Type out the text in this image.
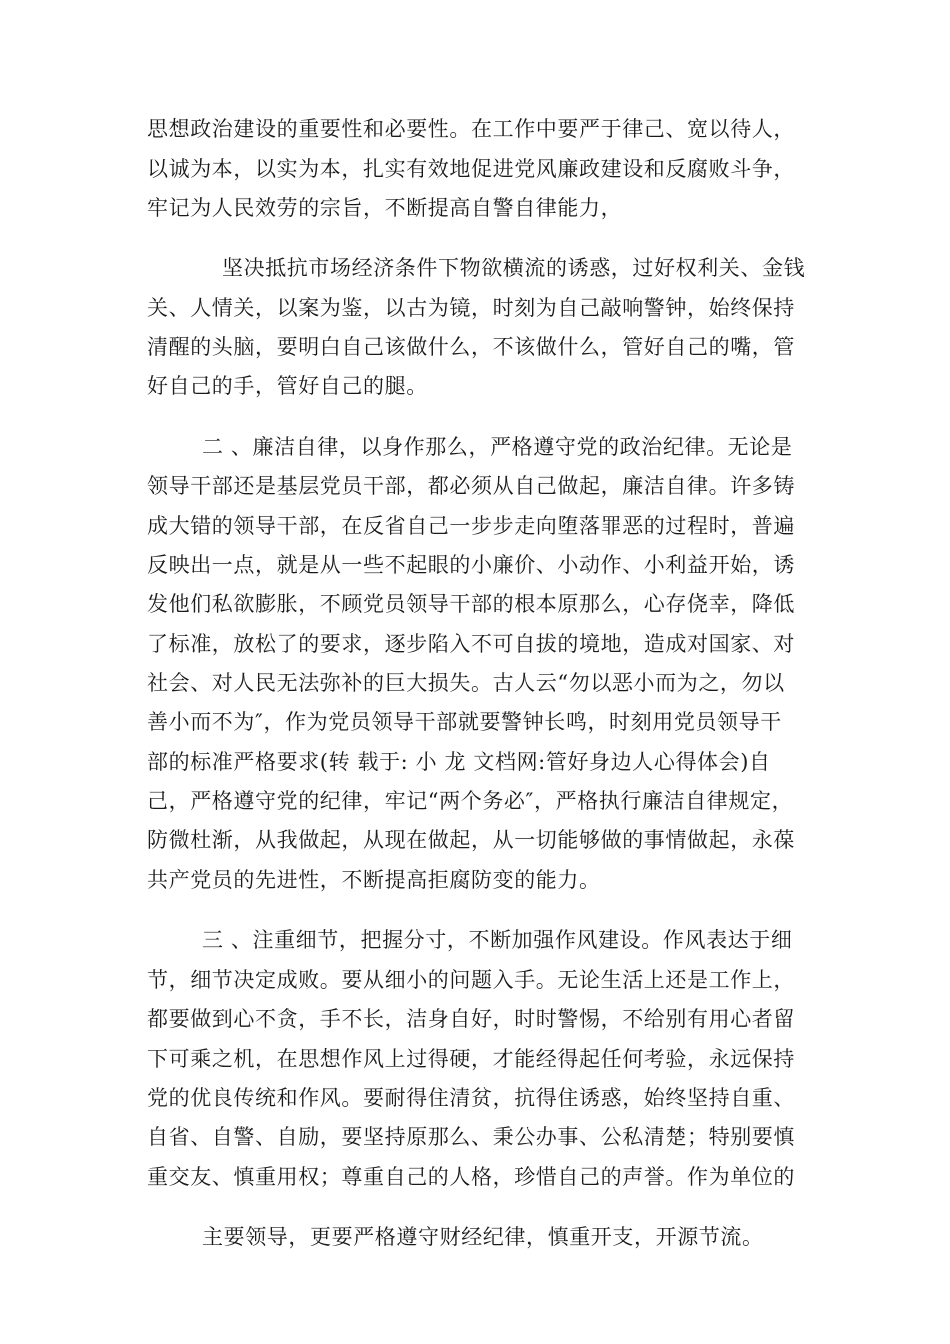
思想政治建设的重要性和必要性。在工作中要严于律己、宽以待人，

以诚为本，以实为本，扎实有效地促进党风廉政建设和反腐败斗争，

牢记为人民效劳的宗旨，不断提高自警自律能力，

坚决抵抗市场经济条件下物欲横流的诱惑，过好权利关、金钱

关、人情关，以案为鉴，以古为镜，时刻为自己敲响警钟，始终保持

清醒的头脑，要明白自己该做什么，不该做什么，管好自己的嘴，管

好自己的手，管好自己的腿。

二 、廉洁自律，以身作那么，严格遵守党的政治纪律。无论是

领导干部还是基层党员干部，都必须从自己做起，廉洁自律。许多铸

成大错的领导干部，在反省自己一步步走向堕落罪恶的过程时，普遍

反映出一点，就是从一些不起眼的小廉价、小动作、小利益开始，诱

发他们私欲膨胀，不顾党员领导干部的根本原那么，心存侥幸，降低

了标准，放松了的要求，逐步陷入不可自拔的境地，造成对国家、对

社会、对人民无法弥补的巨大损失。古人云“勿以恶小而为之，勿以

善小而不为″，作为党员领导干部就要警钟长鸣，时刻用党员领导干

部的标准严格要求(转 载于: 小 龙 文档网:管好身边人心得体会)自

己，严格遵守党的纪律，牢记“两个务必″，严格执行廉洁自律规定，

防微杜渐，从我做起，从现在做起，从一切能够做的事情做起，永葆

共产党员的先进性，不断提高拒腐防变的能力。

三 、注重细节，把握分寸，不断加强作风建设。作风表达于细

节，细节决定成败。要从细小的问题入手。无论生活上还是工作上，

都要做到心不贪，手不长，洁身自好，时时警惕，不给别有用心者留

下可乘之机，在思想作风上过得硬，才能经得起任何考验，永远保持

党的优良传统和作风。要耐得住清贫，抗得住诱惑，始终坚持自重、

自省、自警、自励，要坚持原那么、秉公办事、公私清楚；特别要慎

重交友、慎重用权；尊重自己的人格，珍惜自己的声誉。作为单位的

主要领导，更要严格遵守财经纪律，慎重开支，开源节流。
